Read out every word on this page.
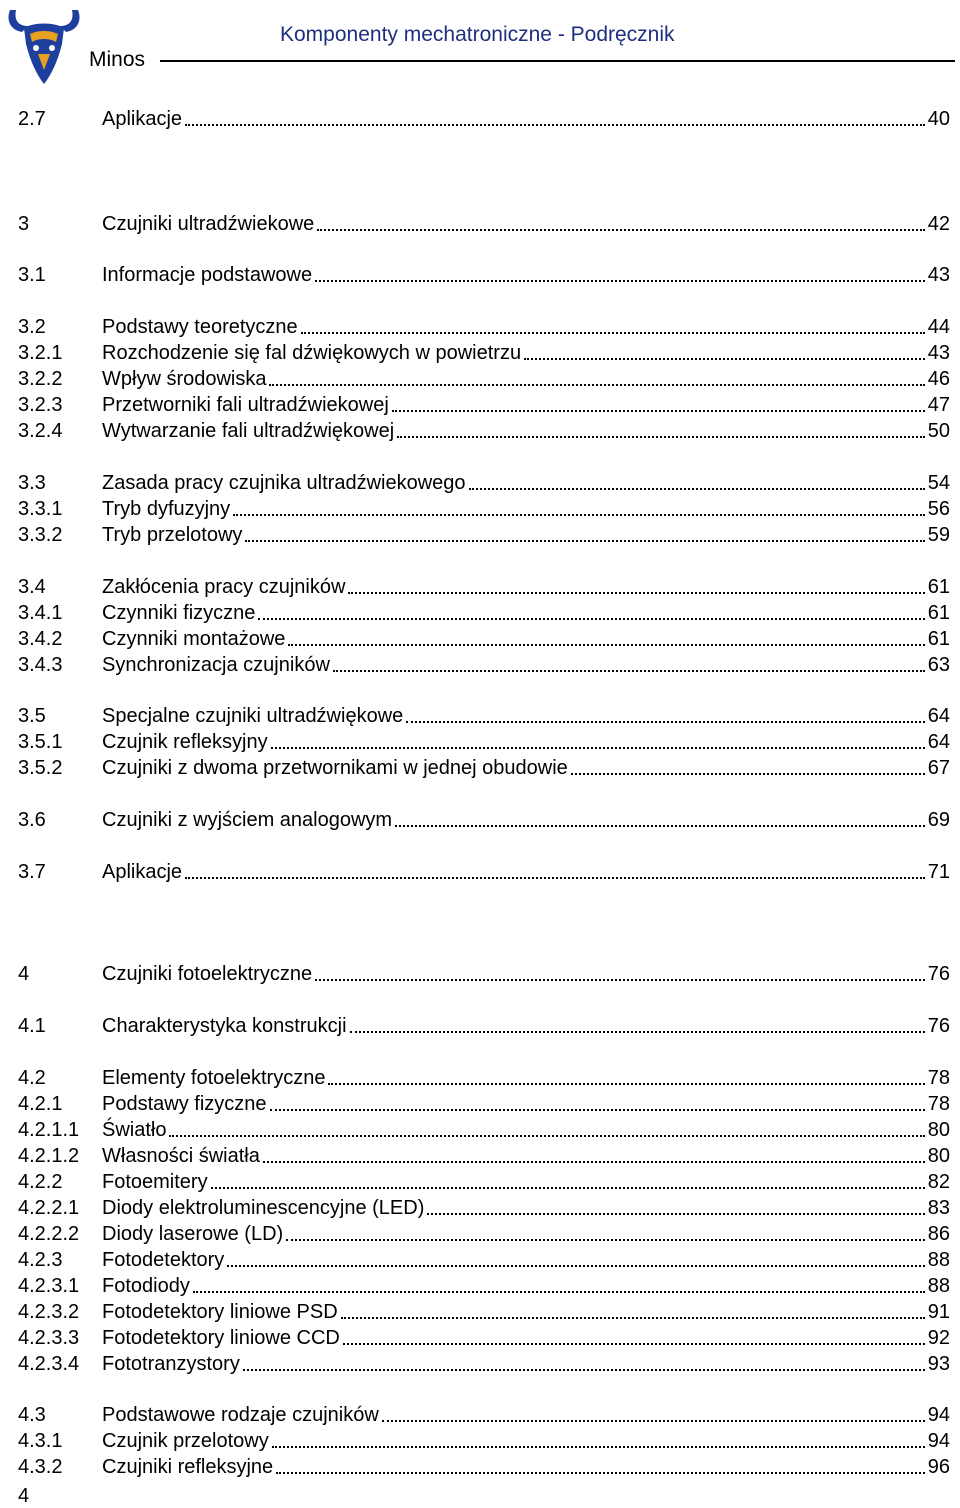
Minos
Komponenty mechatroniczne - Podręcznik
2.7	Aplikacje	40
3	Czujniki ultradźwiekowe	42
3.1	Informacje podstawowe	43
3.2	Podstawy teoretyczne	44
3.2.1	Rozchodzenie się fal dźwiękowych w powietrzu	43
3.2.2	Wpływ środowiska	46
3.2.3	Przetworniki fali ultradźwiekowej	47
3.2.4	Wytwarzanie fali ultradźwiękowej	50
3.3	Zasada pracy czujnika ultradźwiekowego	54
3.3.1	Tryb dyfuzyjny	56
3.3.2	Tryb przelotowy	59
3.4	Zakłócenia pracy czujników	61
3.4.1	Czynniki fizyczne	61
3.4.2	Czynniki montażowe	61
3.4.3	Synchronizacja czujników	63
3.5	Specjalne czujniki ultradźwiękowe	64
3.5.1	Czujnik refleksyjny	64
3.5.2	Czujniki z dwoma przetwornikami w jednej obudowie	67
3.6	Czujniki z wyjściem analogowym	69
3.7	Aplikacje	71
4	Czujniki fotoelektryczne	76
4.1	Charakterystyka konstrukcji	76
4.2	Elementy fotoelektryczne	78
4.2.1	Podstawy fizyczne	78
4.2.1.1	Światło	80
4.2.1.2	Własności światła	80
4.2.2	Fotoemitery	82
4.2.2.1	Diody elektroluminescencyjne (LED)	83
4.2.2.2	Diody laserowe (LD)	86
4.2.3	Fotodetektory	88
4.2.3.1	Fotodiody	88
4.2.3.2	Fotodetektory liniowe PSD	91
4.2.3.3	Fotodetektory liniowe CCD	92
4.2.3.4	Fototranzystory	93
4.3	Podstawowe rodzaje czujników	94
4.3.1	Czujnik przelotowy	94
4.3.2	Czujniki refleksyjne	96
4
